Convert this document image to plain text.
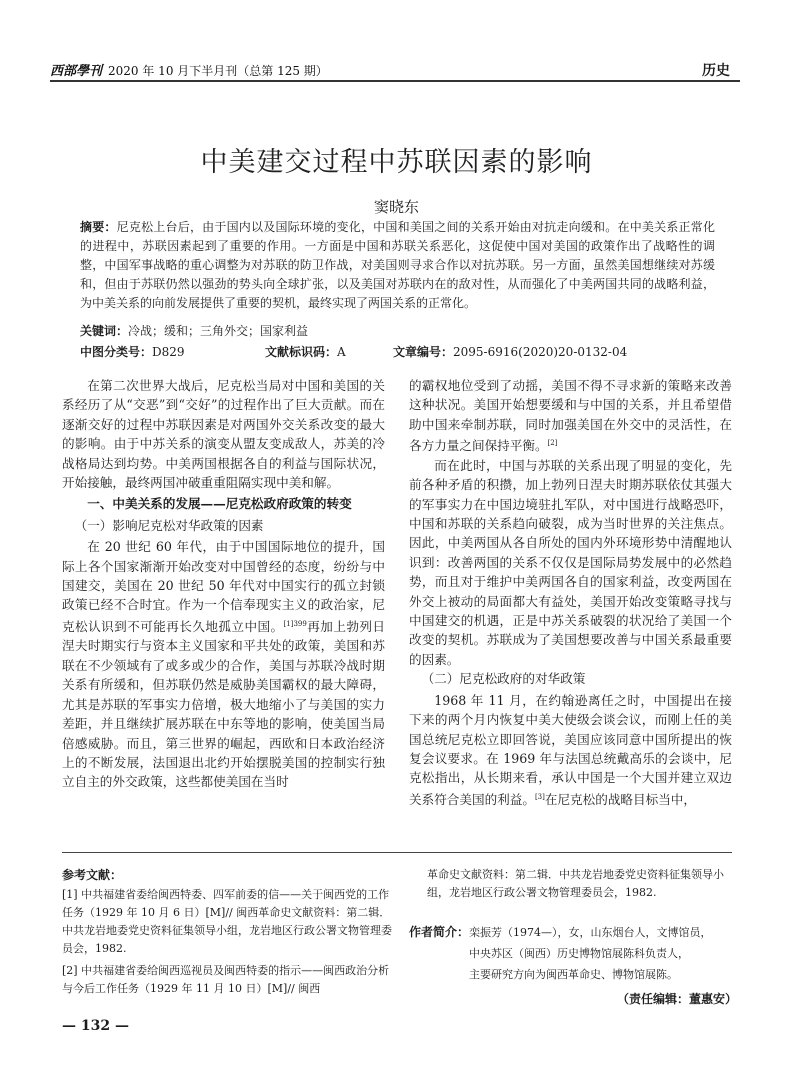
西部學刊 2020 年 10 月下半月刊（总第 125 期）	历史
中美建交过程中苏联因素的影响
窦晓东
摘要：尼克松上台后，由于国内以及国际环境的变化，中国和美国之间的关系开始由对抗走向缓和。在中美关系正常化的进程中，苏联因素起到了重要的作用。一方面是中国和苏联关系恶化，这促使中国对美国的政策作出了战略性的调整，中国军事战略的重心调整为对苏联的防卫作战，对美国则寻求合作以对抗苏联。另一方面，虽然美国想继续对苏缓和，但由于苏联仍然以强劲的势头向全球扩张，以及美国对苏联内在的敌对性，从而强化了中美两国共同的战略利益，为中美关系的向前发展提供了重要的契机，最终实现了两国关系的正常化。
关键词：冷战；缓和；三角外交；国家利益
中图分类号：D829	文献标识码：A	文章编号：2095-6916(2020)20-0132-04

在第二次世界大战后，尼克松当局对中国和美国的关系经历了从“交恶”到“交好”的过程作出了巨大贡献。而在逐渐交好的过程中苏联因素是对两国外交关系改变的最大的影响。由于中苏关系的演变从盟友变成敌人，苏美的冷战格局达到均势。中美两国根据各自的利益与国际状况，开始接触，最终两国冲破重重阻隔实现中美和解。

一、中美关系的发展——尼克松政府政策的转变
（一）影响尼克松对华政策的因素

在 20 世纪 60 年代，由于中国国际地位的提升，国际上各个国家渐渐开始改变对中国曾经的态度，纷纷与中国建交，美国在 20 世纪 50 年代对中国实行的孤立封锁政策已经不合时宜。作为一个信奉现实主义的政治家，尼克松认识到不可能再长久地孤立中国。$^{[1]399}$再加上勃列日涅夫时期实行与资本主义国家和平共处的政策，美国和苏联在不少领域有了或多或少的合作，美国与苏联冷战时期关系有所缓和，但苏联仍然是威胁美国霸权的最大障碍，尤其是苏联的军事实力倍增，极大地缩小了与美国的实力差距，并且继续扩展苏联在中东等地的影响，使美国当局倍感威胁。而且，第三世界的崛起，西欧和日本政治经济上的不断发展，法国退出北约开始摆脱美国的控制实行独立自主的外交政策，这些都使美国在当时

的霸权地位受到了动摇，美国不得不寻求新的策略来改善这种状况。美国开始想要缓和与中国的关系，并且希望借助中国来牵制苏联，同时加强美国在外交中的灵活性，在各方力量之间保持平衡。[2]

而在此时，中国与苏联的关系出现了明显的变化，先前各种矛盾的积攒，加上勃列日涅夫时期苏联依仗其强大的军事实力在中国边境驻扎军队，对中国进行战略恐吓，中国和苏联的关系趋向破裂，成为当时世界的关注焦点。因此，中美两国从各自所处的国内外环境形势中清醒地认识到：改善两国的关系不仅仅是国际局势发展中的必然趋势，而且对于维护中美两国各自的国家利益，改变两国在外交上被动的局面都大有益处，美国开始改变策略寻找与中国建交的机遇，正是中苏关系破裂的状况给了美国一个改变的契机。苏联成为了美国想要改善与中国关系最重要的因素。

（二）尼克松政府的对华政策

1968 年 11 月，在约翰逊离任之时，中国提出在接下来的两个月内恢复中美大使级会谈会议，而刚上任的美国总统尼克松立即回答说，美国应该同意中国所提出的恢复会议要求。在 1969 年与法国总统戴高乐的会谈中，尼克松指出，从长期来看，承认中国是一个大国并建立双边关系符合美国的利益。[3]在尼克松的战略目标当中，

参考文献：
[1] 中共福建省委给闽西特委、四军前委的信——关于闽西党的工作任务（1929 年 10 月 6 日）[M]// 闽西革命史文献资料：第二辑．中共龙岩地委党史资料征集领导小组，龙岩地区行政公署文物管理委员会，1982.
[2] 中共福建省委给闽西巡视员及闽西特委的指示——闽西政治分析与今后工作任务（1929 年 11 月 10 日）[M]// 闽西
革命史文献资料：第二辑．中共龙岩地委党史资料征集领导小组，龙岩地区行政公署文物管理委员会，1982.
作者简介：栾振芳（1974—），女，山东烟台人，文博馆员，
中央苏区（闽西）历史博物馆展陈科负责人，
主要研究方向为闽西革命史、博物馆展陈。
（责任编辑：董惠安）
— 132 —
